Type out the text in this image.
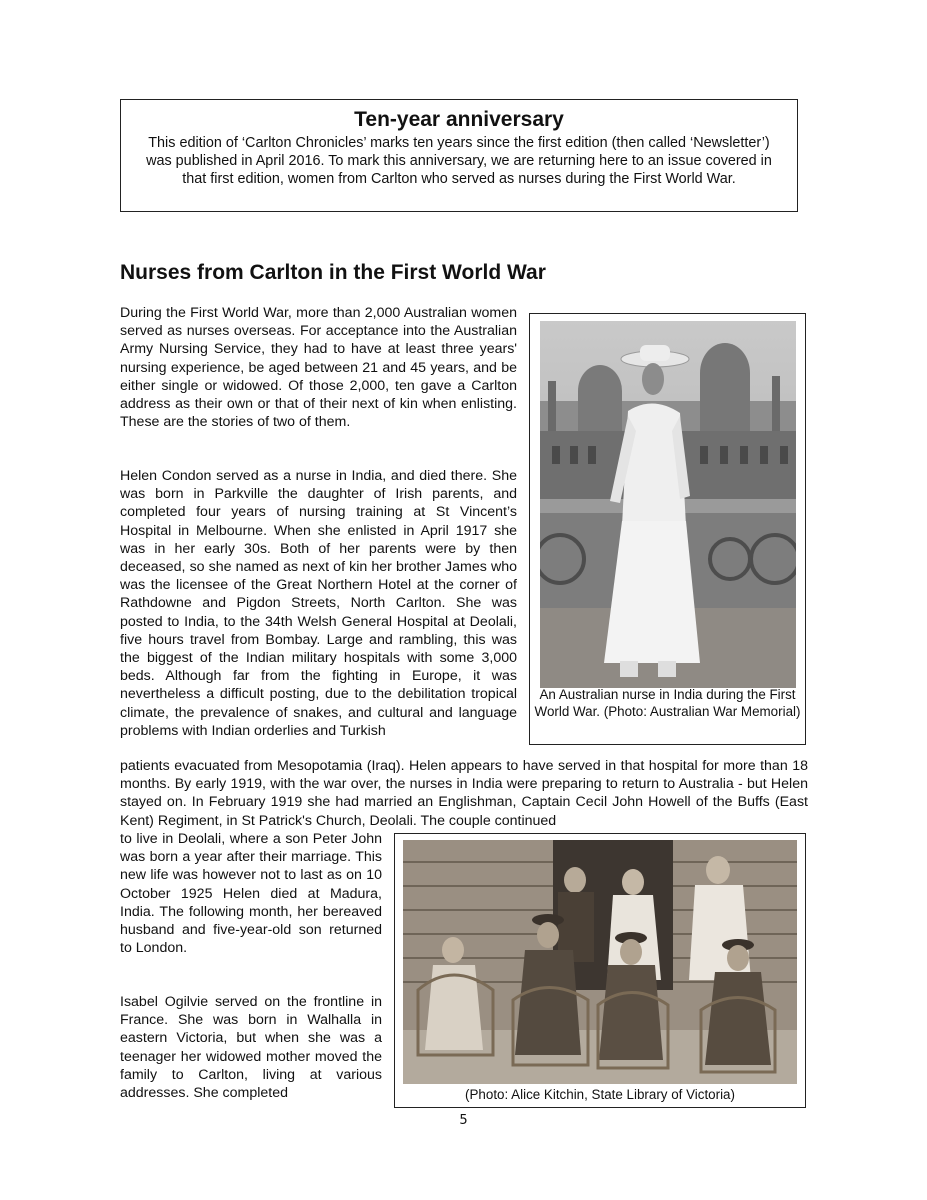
Ten-year anniversary

This edition of ‘Carlton Chronicles’ marks ten years since the first edition (then called ‘Newsletter’) was published in April 2016. To mark this anniversary, we are returning here to an issue covered in that first edition, women from Carlton who served as nurses during the First World War.

Nurses from Carlton in the First World War

During the First World War, more than 2,000 Australian women served as nurses overseas. For acceptance into the Australian Army Nursing Service, they had to have at least three years' nursing experience, be aged between 21 and 45 years, and be either single or widowed. Of those 2,000, ten gave a Carlton address as their own or that of their next of kin when enlisting. These are the stories of two of them.

Helen Condon served as a nurse in India, and died there. She was born in Parkville the daughter of Irish parents, and completed four years of nursing training at St Vincent’s Hospital in Melbourne. When she enlisted in April 1917 she was in her early 30s. Both of her parents were by then deceased, so she named as next of kin her brother James who was the licensee of the Great Northern Hotel at the corner of Rathdowne and Pigdon Streets, North Carlton. She was posted to India, to the 34th Welsh General Hospital at Deolali, five hours travel from Bombay. Large and rambling, this was the biggest of the Indian military hospitals with some 3,000 beds. Although far from the fighting in Europe, it was nevertheless a difficult posting, due to the debilitation tropical climate, the prevalence of snakes, and cultural and language problems with Indian orderlies and Turkish

patients evacuated from Mesopotamia (Iraq). Helen appears to have served in that hospital for more than 18 months. By early 1919, with the war over, the nurses in India were preparing to return to Australia - but Helen stayed on. In February 1919 she had married an Englishman, Captain Cecil John Howell of the Buffs (East Kent) Regiment, in St Patrick's Church, Deolali. The couple continued

to live in Deolali, where a son Peter John was born a year after their marriage. This new life was however not to last as on 10 October 1925 Helen died at Madura, India. The following month, her bereaved husband and five-year-old son returned to London.

Isabel Ogilvie served on the frontline in France. She was born in Walhalla in eastern Victoria, but when she was a teenager her widowed mother moved the family to Carlton, living at various addresses. She completed

An Australian nurse in India during the First World War. (Photo: Australian War Memorial)
(Photo: Alice Kitchin, State Library of Victoria)
5
